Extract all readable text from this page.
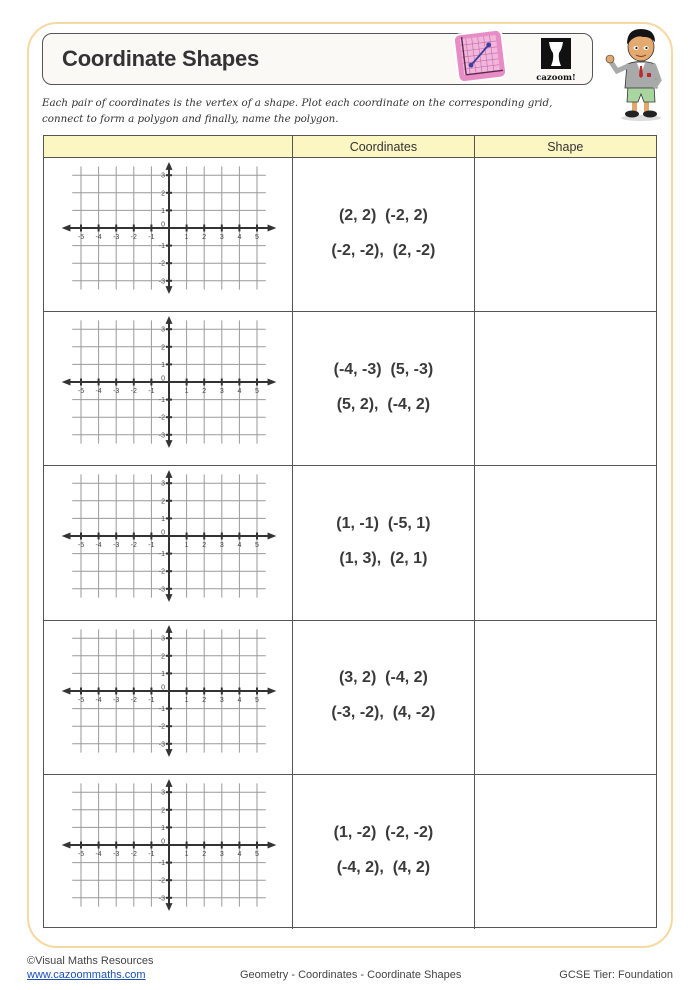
Coordinate Shapes
cazoom!
Each pair of coordinates is the vertex of a shape. Plot each coordinate on the corresponding grid,
connect to form a polygon and finally, name the polygon.
Coordinates	Shape
-5 -4 -3 -2 -1	1 2 3 4 5
3
2
1
-1
-2
-3
0
(2, 2)  (-2, 2)
(-2, -2),  (2, -2)
-5 -4 -3 -2 -1	1 2 3 4 5
3
2
1
-1
-2
-3
0
(-4, -3)  (5, -3)
(5, 2),  (-4, 2)
-5 -4 -3 -2 -1	1 2 3 4 5
3
2
1
-1
-2
-3
0
(1, -1)  (-5, 1)
(1, 3),  (2, 1)
-5 -4 -3 -2 -1	1 2 3 4 5
3
2
1
-1
-2
-3
0
(3, 2)  (-4, 2)
(-3, -2),  (4, -2)
-5 -4 -3 -2 -1	1 2 3 4 5
3
2
1
-1
-2
-3
0
(1, -2)  (-2, -2)
(-4, 2),  (4, 2)
©Visual Maths Resources
www.cazoommaths.com	Geometry - Coordinates - Coordinate Shapes	GCSE Tier: Foundation
